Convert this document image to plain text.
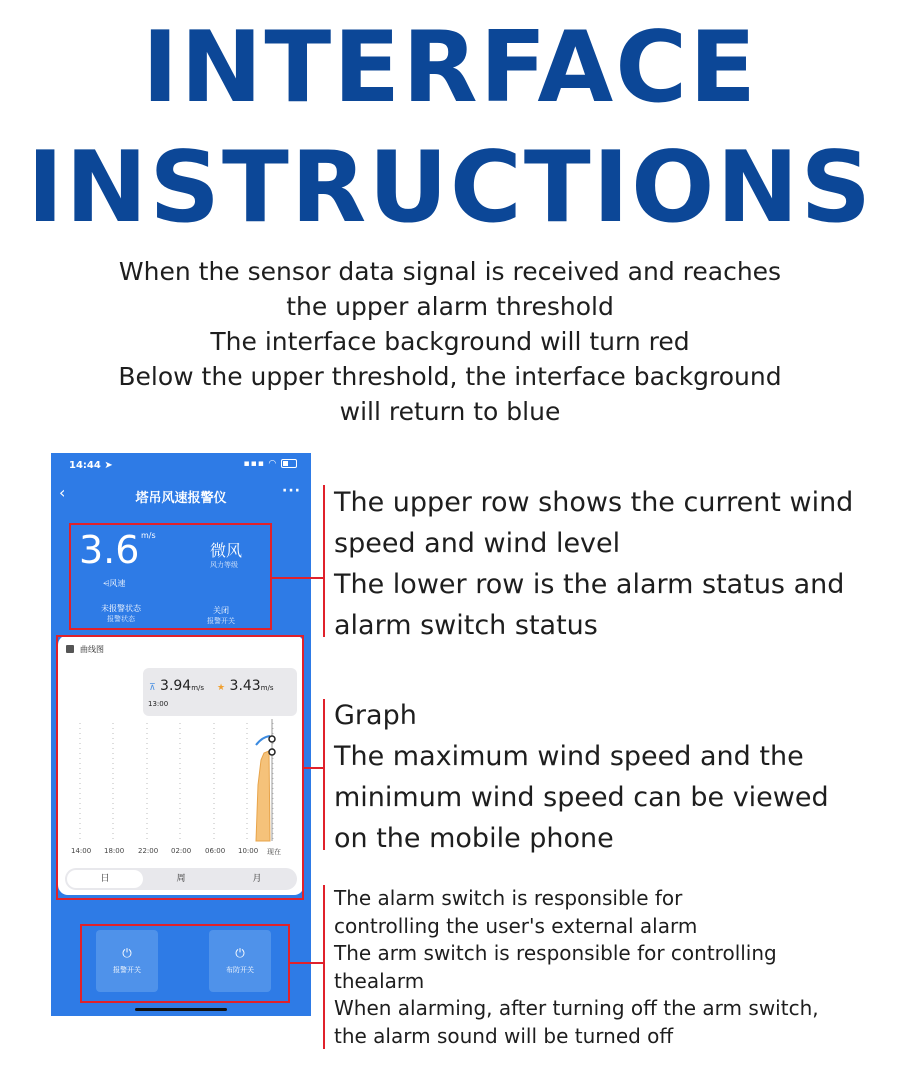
INTERFACE
INSTRUCTIONS
When the sensor data signal is received and reaches
the upper alarm threshold
The interface background will turn red
Below the upper threshold, the interface background
will return to blue
14:44 ➤	▪▪▪ ◠
‹	塔吊风速报警仪	···
3.6 m/s
⩤风速
微风
风力等级
未报警状态
报警状态
关闭
报警开关
曲线图
⊼ 3.94m/s ★ 3.43m/s
13:00
14:00 18:00 22:00 02:00 06:00 10:00 现在
日	周	月
⏻
报警开关
⏻
布防开关
The upper row shows the current wind
speed and wind level
The lower row is the alarm status and
alarm switch status
Graph
The maximum wind speed and the
minimum wind speed can be viewed
on the mobile phone
The alarm switch is responsible for
controlling the user's external alarm
The arm switch is responsible for controlling
thealarm
When alarming, after turning off the arm switch,
the alarm sound will be turned off
